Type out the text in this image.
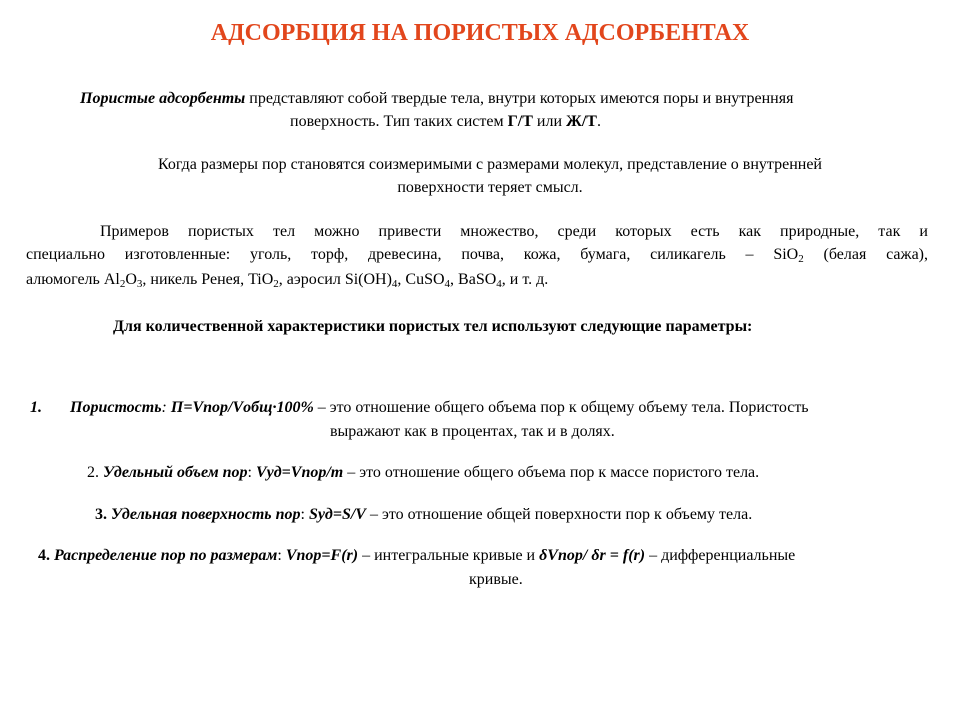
АДСОРБЦИЯ НА ПОРИСТЫХ АДСОРБЕНТАХ
Пористые адсорбенты представляют собой твердые тела, внутри которых имеются поры и внутренняя
поверхность. Тип таких систем Г/Т или Ж/Т.
Когда размеры пор становятся соизмеримыми с размерами молекул, представление о внутренней
поверхности теряет смысл.
Примеров пористых тел можно привести множество, среди которых есть как природные, так и
специально изготовленные: уголь, торф, древесина, почва, кожа, бумага, силикагель – SiO$_2$ (белая сажа),
алюмогель $Al_2O_3$, никель Ренея, TiO$_2$, аэросил $Si(OH)_4$, CuSO$_4$, BaSO$_4$, и т. д.
Для количественной характеристики пористых тел используют следующие параметры:
1. Пористость: П=Vпор/Vобщ·100% – это отношение общего объема пор к общему объему тела. Пористость
выражают как в процентах, так и в долях.
2. Удельный объем пор: Vуд=Vпор/m – это отношение общего объема пор к массе пористого тела.
3. Удельная поверхность пор: Sуд=S/V – это отношение общей поверхности пор к объему тела.
4. Распределение пор по размерам: Vпор=F(r) – интегральные кривые и δVпор/ δr = f(r) – дифференциальные
кривые.
